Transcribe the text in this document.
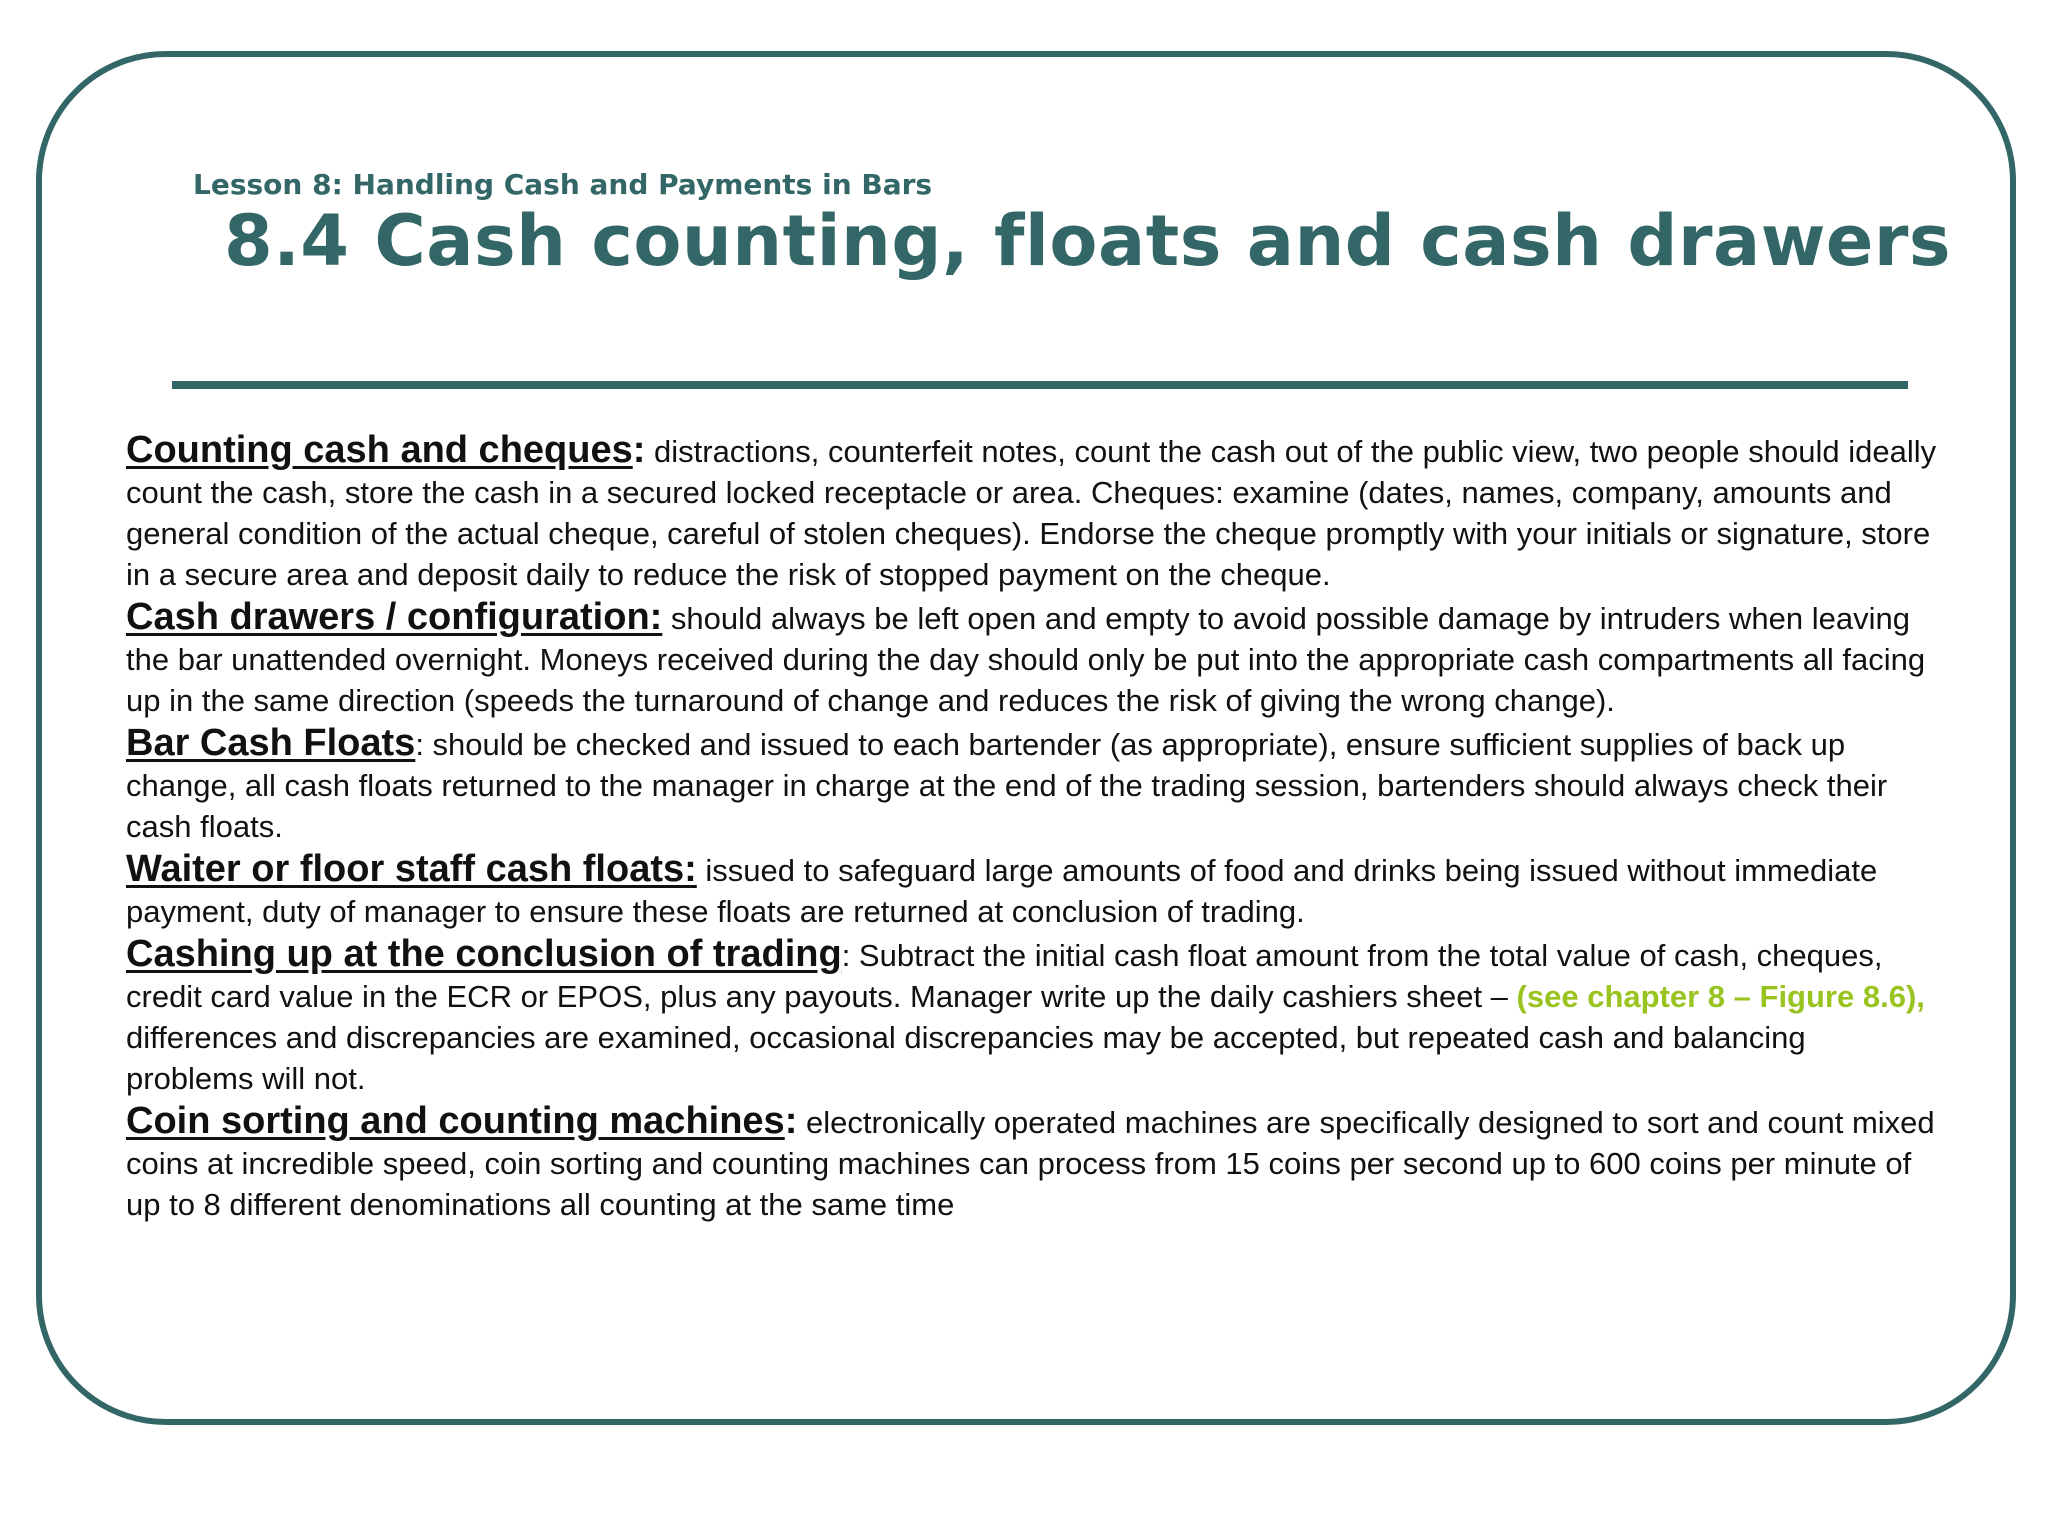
Lesson 8: Handling Cash and Payments in Bars
8.4 Cash counting, floats and cash drawers

Counting cash and cheques: distractions, counterfeit notes, count the cash out of the public view, two people should ideally count the cash, store the cash in a secured locked receptacle or area. Cheques: examine (dates, names, company, amounts and general condition of the actual cheque, careful of stolen cheques). Endorse the cheque promptly with your initials or signature, store in a secure area and deposit daily to reduce the risk of stopped payment on the cheque.

Cash drawers / configuration: should always be left open and empty to avoid possible damage by intruders when leaving the bar unattended overnight. Moneys received during the day should only be put into the appropriate cash compartments all facing up in the same direction (speeds the turnaround of change and reduces the risk of giving the wrong change).

Bar Cash Floats: should be checked and issued to each bartender (as appropriate), ensure sufficient supplies of back up change, all cash floats returned to the manager in charge at the end of the trading session, bartenders should always check their cash floats.

Waiter or floor staff cash floats: issued to safeguard large amounts of food and drinks being issued without immediate payment, duty of manager to ensure these floats are returned at conclusion of trading.

Cashing up at the conclusion of trading: Subtract the initial cash float amount from the total value of cash, cheques, credit card value in the ECR or EPOS, plus any payouts. Manager write up the daily cashiers sheet – (see chapter 8 – Figure 8.6), differences and discrepancies are examined, occasional discrepancies may be accepted, but repeated cash and balancing problems will not.

Coin sorting and counting machines: electronically operated machines are specifically designed to sort and count mixed coins at incredible speed, coin sorting and counting machines can process from 15 coins per second up to 600 coins per minute of up to 8 different denominations all counting at the same time
